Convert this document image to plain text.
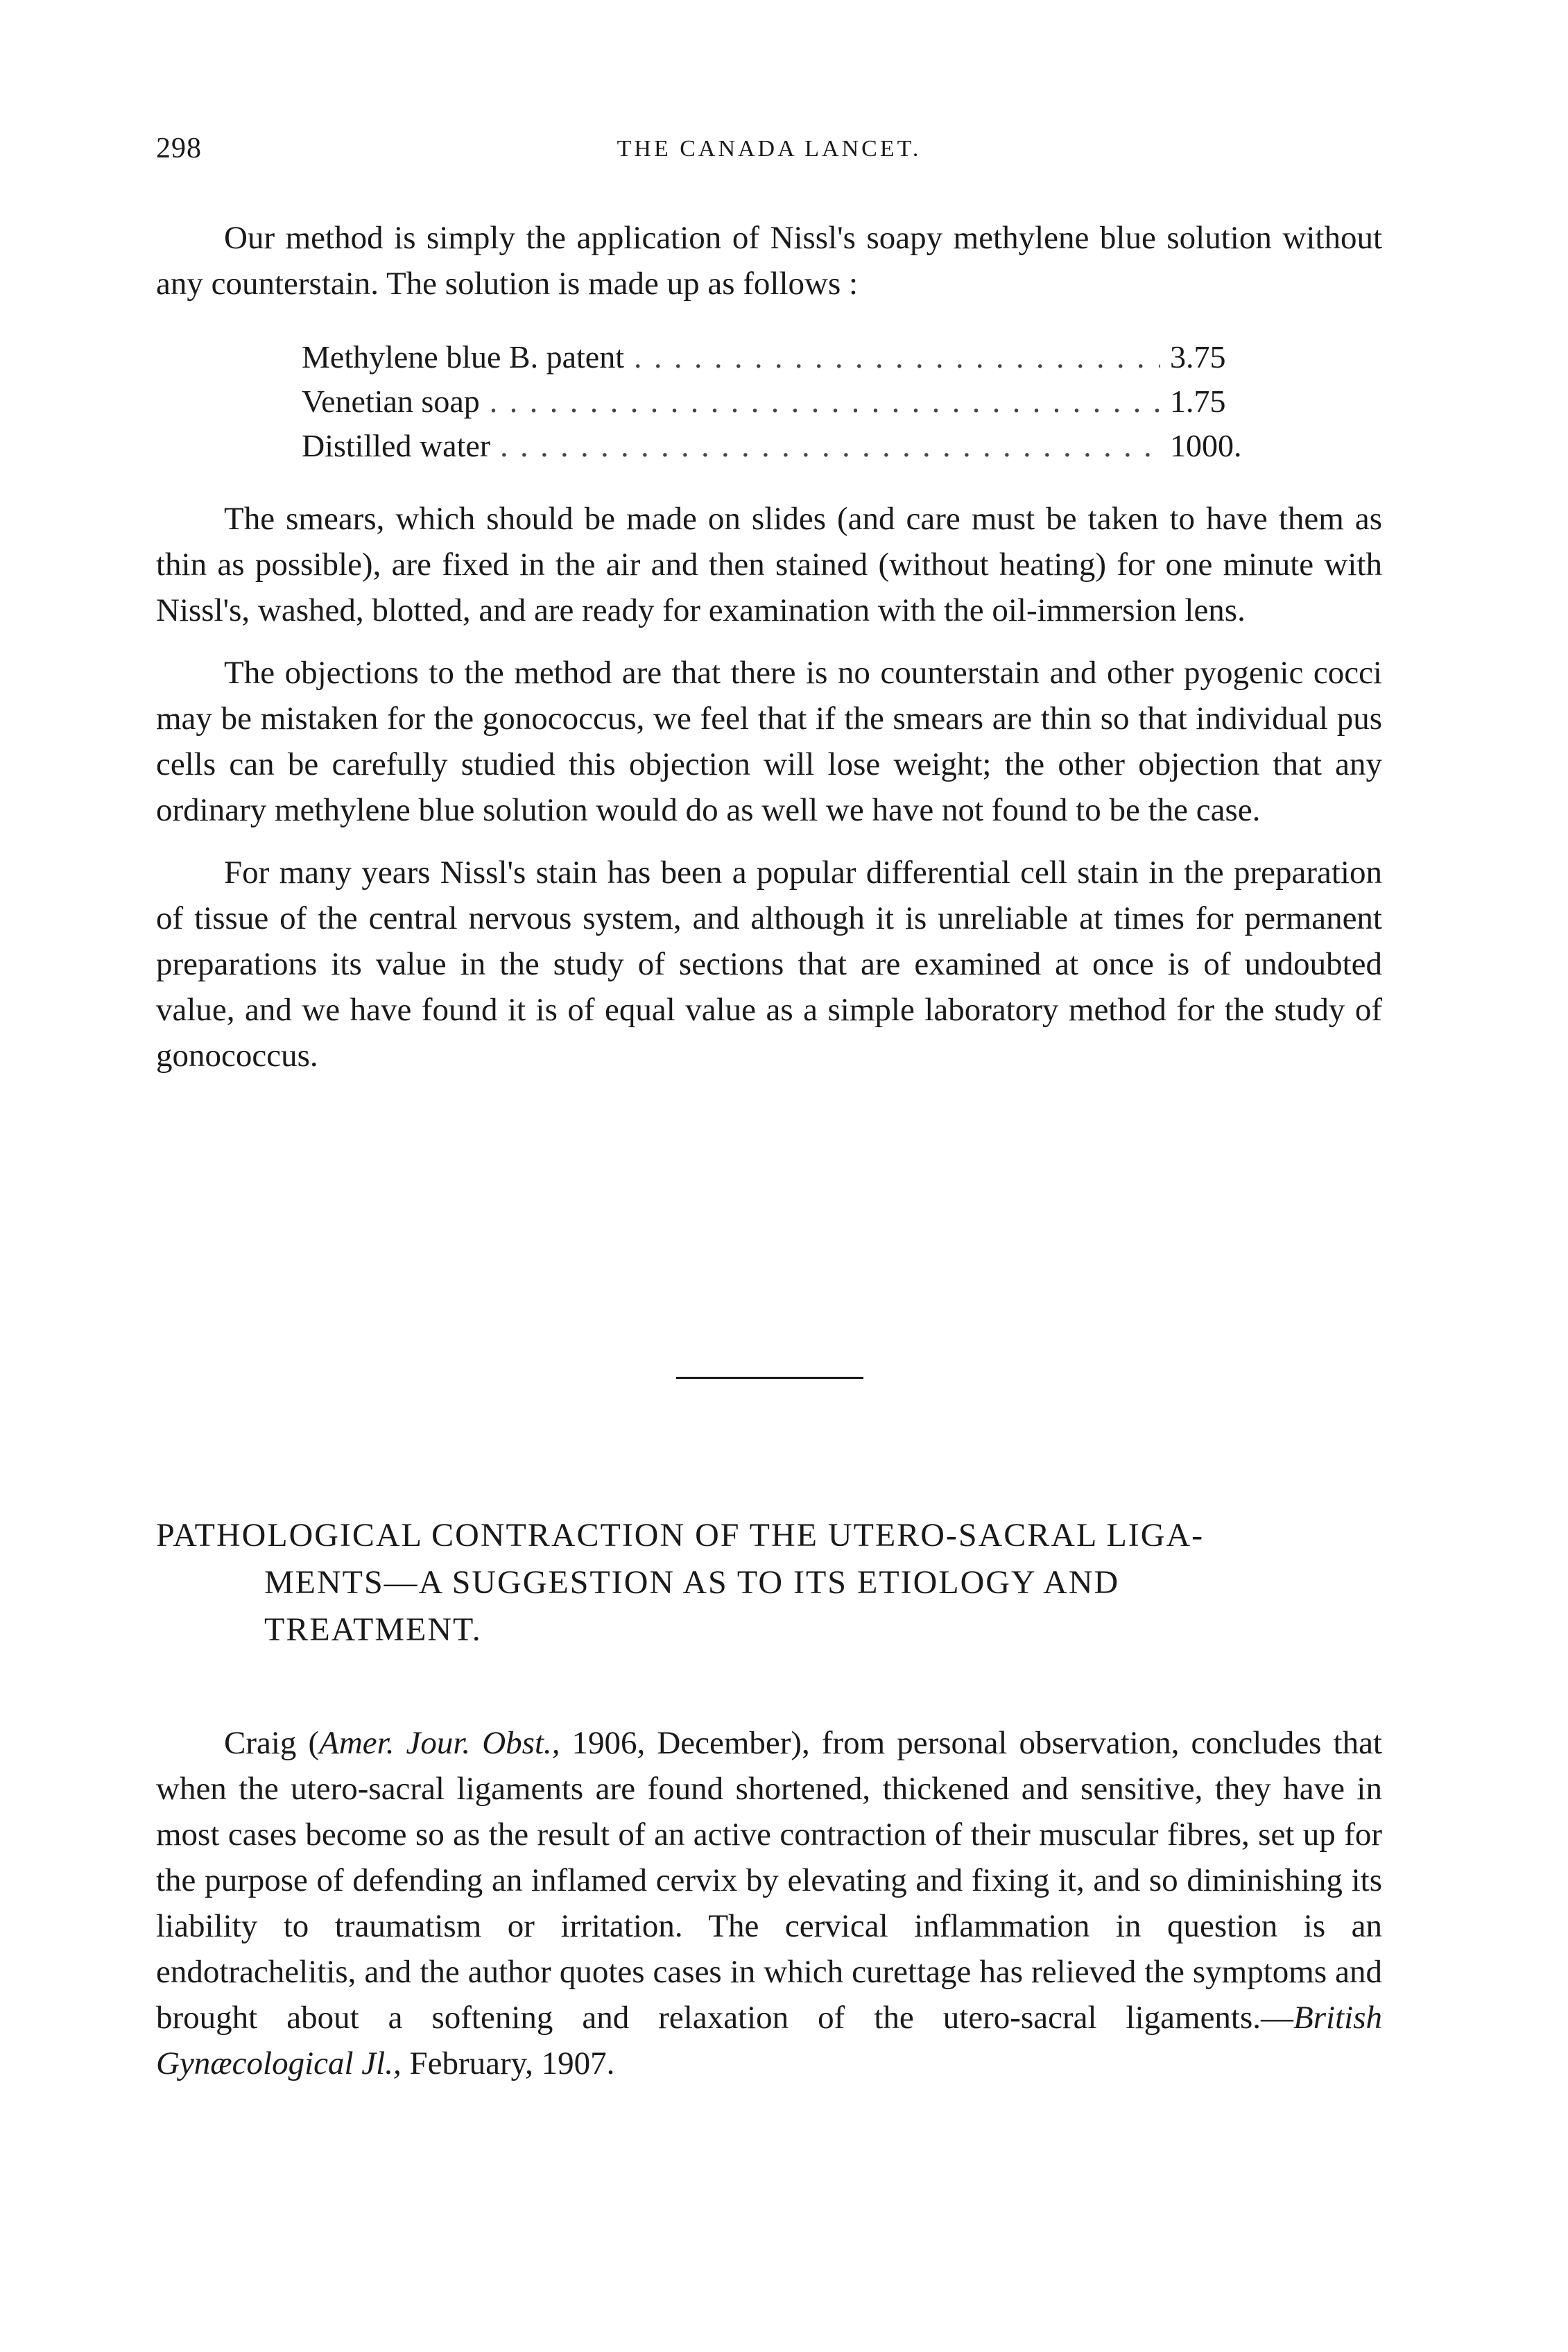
298	THE CANADA LANCET.

Our method is simply the application of Nissl's soapy methylene blue solution without any counterstain. The solution is made up as follows :

Methylene blue B. patent . . .	3.75
Venetian soap . . .	1.75
Distilled water . . .	1000.

The smears, which should be made on slides (and care must be taken to have them as thin as possible), are fixed in the air and then stained (without heating) for one minute with Nissl's, washed, blotted, and are ready for examination with the oil-immersion lens.

The objections to the method are that there is no counterstain and other pyogenic cocci may be mistaken for the gonococcus, we feel that if the smears are thin so that individual pus cells can be carefully studied this objection will lose weight; the other objection that any ordinary methylene blue solution would do as well we have not found to be the case.

For many years Nissl's stain has been a popular differential cell stain in the preparation of tissue of the central nervous system, and although it is unreliable at times for permanent preparations its value in the study of sections that are examined at once is of undoubted value, and we have found it is of equal value as a simple laboratory method for the study of gonococcus.

PATHOLOGICAL CONTRACTION OF THE UTERO-SACRAL LIGA-
MENTS—A SUGGESTION AS TO ITS ETIOLOGY AND
TREATMENT.

Craig (Amer. Jour. Obst., 1906, December), from personal observation, concludes that when the utero-sacral ligaments are found shortened, thickened and sensitive, they have in most cases become so as the result of an active contraction of their muscular fibres, set up for the purpose of defending an inflamed cervix by elevating and fixing it, and so diminishing its liability to traumatism or irritation. The cervical inflammation in question is an endotrachelitis, and the author quotes cases in which curettage has relieved the symptoms and brought about a softening and relaxation of the utero-sacral ligaments.—British Gynæcological Jl., February, 1907.
